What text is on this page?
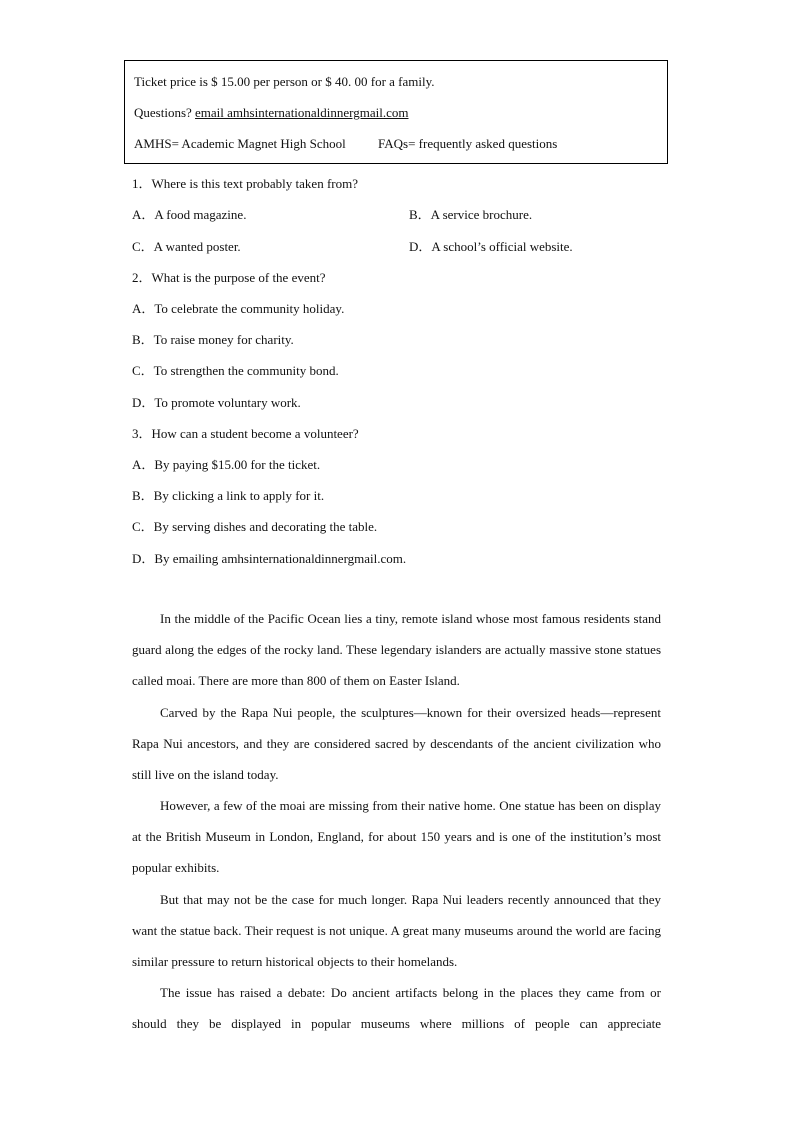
Ticket price is $ 15.00 per person or $ 40. 00 for a family.
Questions? email amhsinternationaldinnergmail.com
AMHS= Academic Magnet High School FAQs= frequently asked questions
1．Where is this text probably taken from?
A．A food magazine.	B．A service brochure.
C．A wanted poster.	D．A school’s official website.
2．What is the purpose of the event?
A．To celebrate the community holiday.
B．To raise money for charity.
C．To strengthen the community bond.
D．To promote voluntary work.
3．How can a student become a volunteer?
A．By paying $15.00 for the ticket.
B．By clicking a link to apply for it.
C．By serving dishes and decorating the table.
D．By emailing amhsinternationaldinnergmail.com.
In the middle of the Pacific Ocean lies a tiny, remote island whose most famous residents stand guard along the edges of the rocky land. These legendary islanders are actually massive stone statues called moai. There are more than 800 of them on Easter Island.
Carved by the Rapa Nui people, the sculptures—known for their oversized heads—represent Rapa Nui ancestors, and they are considered sacred by descendants of the ancient civilization who still live on the island today.
However, a few of the moai are missing from their native home. One statue has been on display at the British Museum in London, England, for about 150 years and is one of the institution’s most popular exhibits.
But that may not be the case for much longer. Rapa Nui leaders recently announced that they want the statue back. Their request is not unique. A great many museums around the world are facing similar pressure to return historical objects to their homelands.
The issue has raised a debate: Do ancient artifacts belong in the places they came from or should they be displayed in popular museums where millions of people can appreciate
